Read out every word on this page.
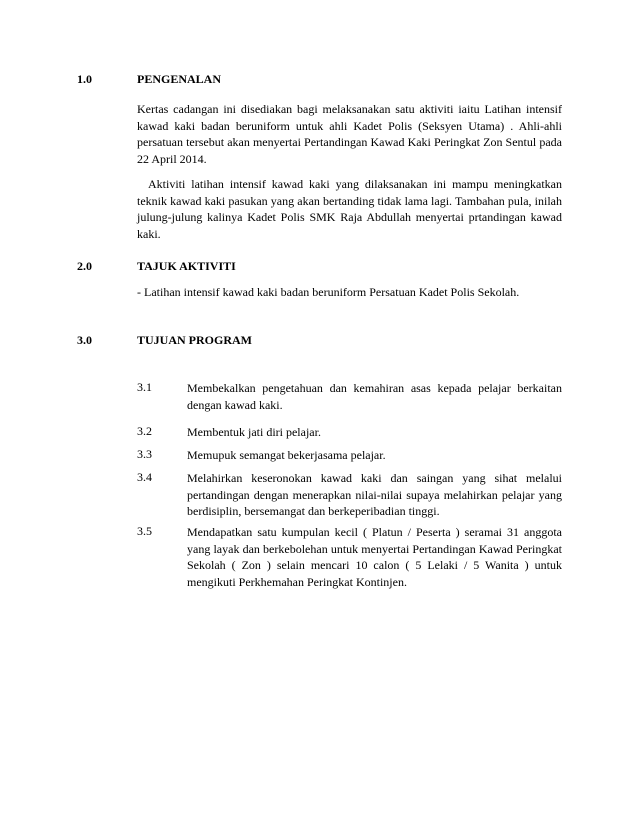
1.0	PENGENALAN

Kertas cadangan ini disediakan bagi melaksanakan satu aktiviti iaitu Latihan intensif kawad kaki badan beruniform untuk ahli Kadet Polis (Seksyen Utama) . Ahli-ahli persatuan tersebut akan menyertai Pertandingan Kawad Kaki Peringkat Zon Sentul pada 22 April 2014.

Aktiviti latihan intensif kawad kaki yang dilaksanakan ini mampu meningkatkan teknik kawad kaki pasukan yang akan bertanding tidak lama lagi. Tambahan pula, inilah julung-julung kalinya Kadet Polis SMK Raja Abdullah menyertai prtandingan kawad kaki.

2.0	TAJUK AKTIVITI

- Latihan intensif kawad kaki badan beruniform Persatuan Kadet Polis Sekolah.

3.0	TUJUAN PROGRAM
3.1	Membekalkan pengetahuan dan kemahiran asas kepada pelajar berkaitan dengan kawad kaki.

3.2	Membentuk jati diri pelajar.

3.3	Memupuk semangat bekerjasama pelajar.

3.4	Melahirkan keseronokan kawad kaki dan saingan yang sihat melalui pertandingan dengan menerapkan nilai-nilai supaya melahirkan pelajar yang berdisiplin, bersemangat dan berkeperibadian tinggi.

3.5	Mendapatkan satu kumpulan kecil ( Platun / Peserta ) seramai 31 anggota yang layak dan berkebolehan untuk menyertai Pertandingan Kawad Peringkat Sekolah ( Zon ) selain mencari 10 calon ( 5 Lelaki / 5 Wanita ) untuk mengikuti Perkhemahan Peringkat Kontinjen.
